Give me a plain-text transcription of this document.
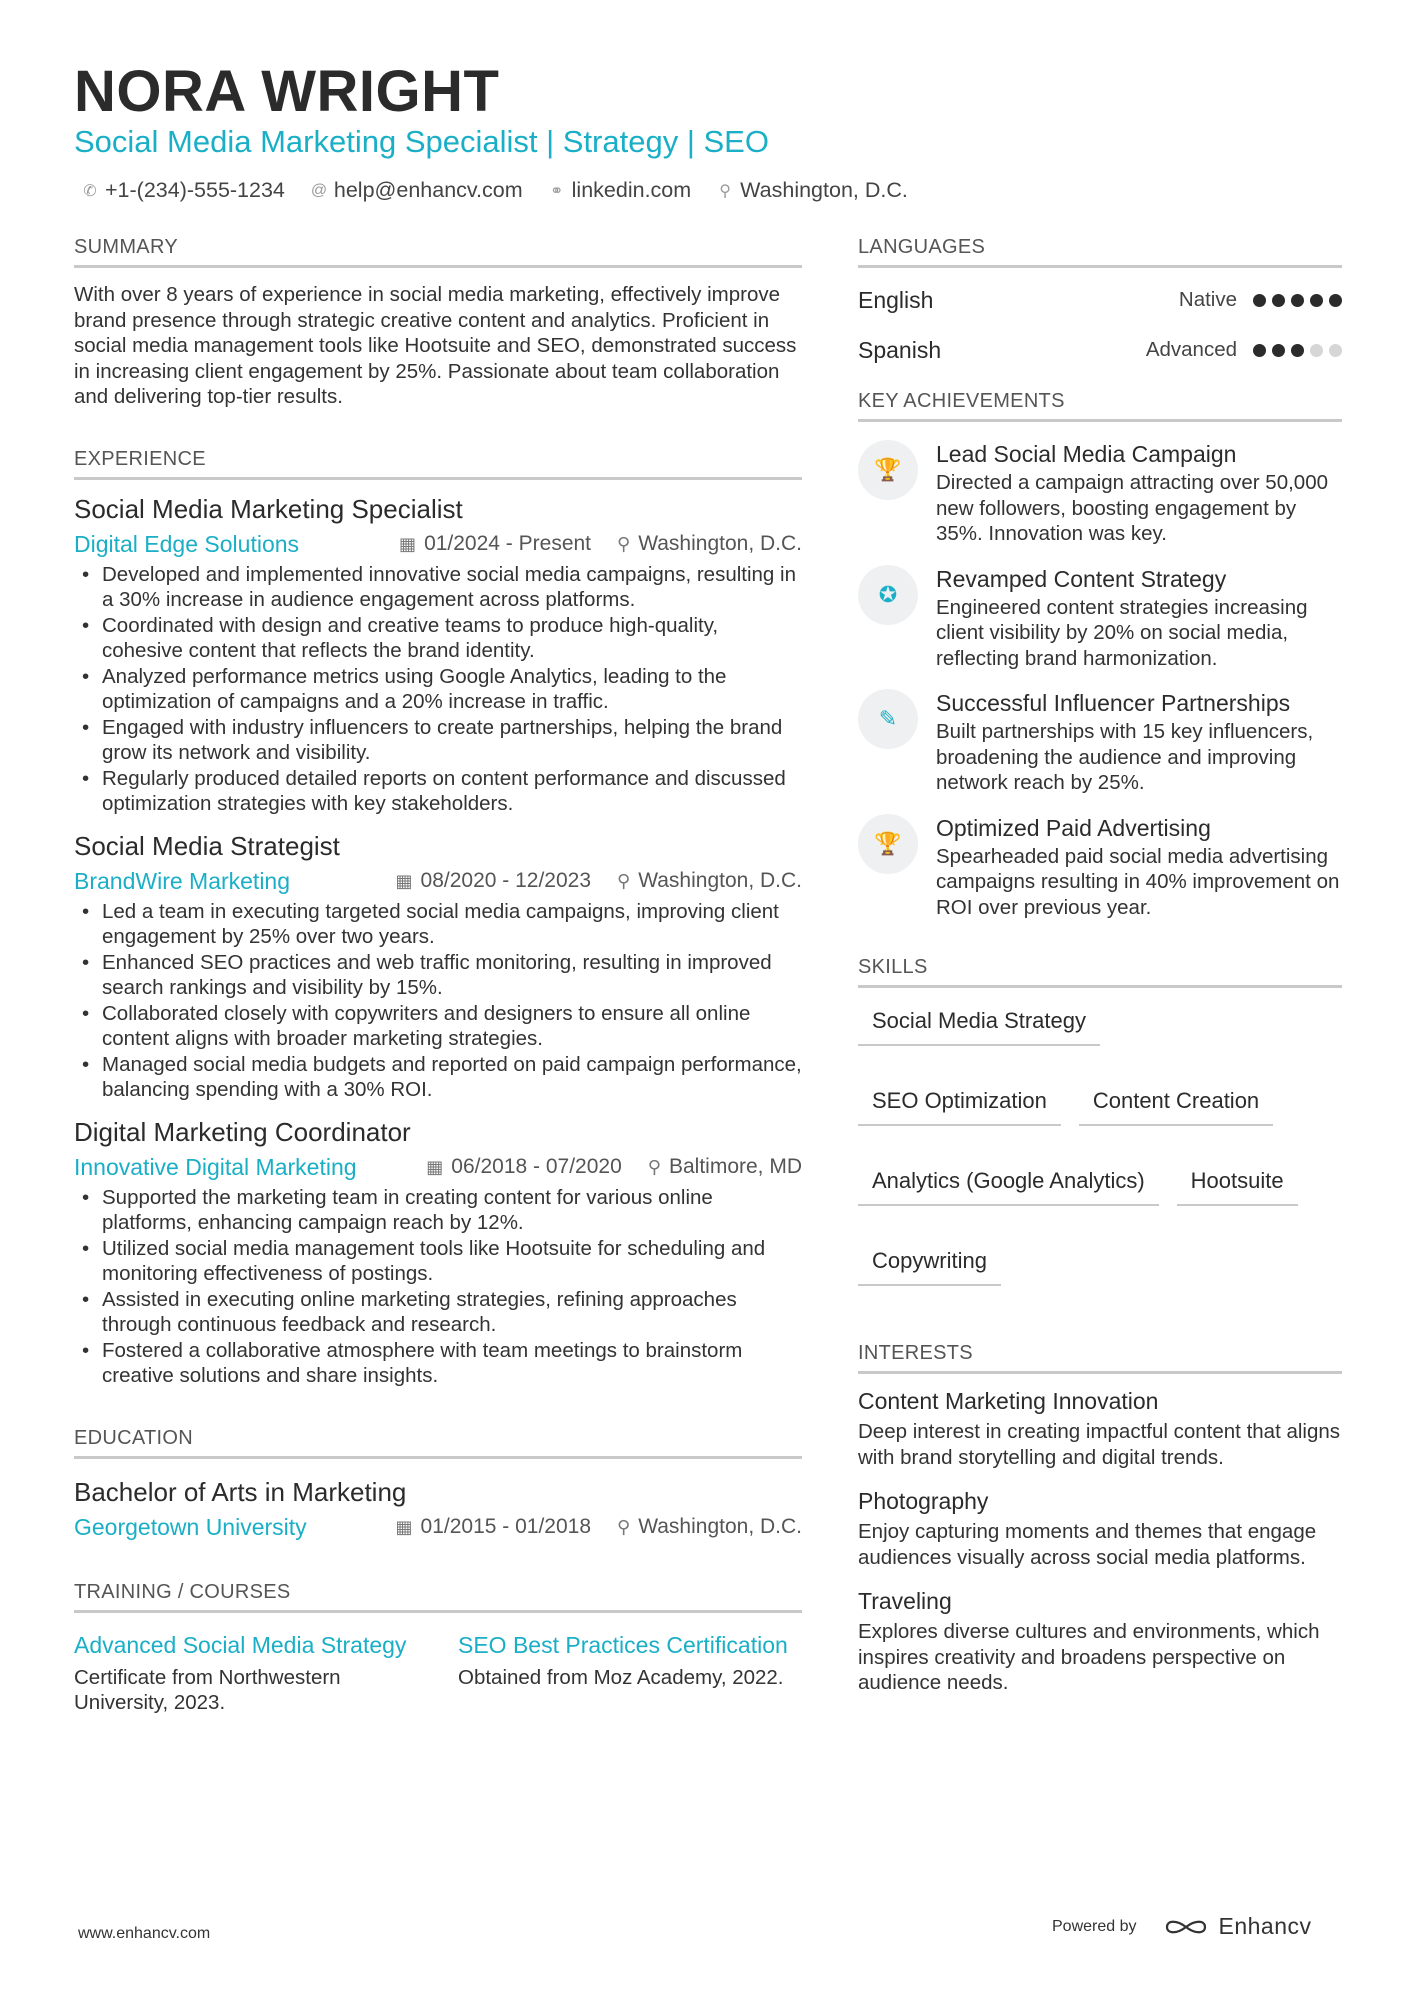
NORA WRIGHT
Social Media Marketing Specialist | Strategy | SEO
✆ +1-(234)-555-1234 @ help@enhancv.com ⚭ linkedin.com ⚲ Washington, D.C.
SUMMARY
With over 8 years of experience in social media marketing, effectively improve brand presence through strategic creative content and analytics. Proficient in social media management tools like Hootsuite and SEO, demonstrated success in increasing client engagement by 25%. Passionate about team collaboration and delivering top-tier results.
EXPERIENCE
Social Media Marketing Specialist
Digital Edge Solutions	▦ 01/2024 - Present ⚲ Washington, D.C.
• Developed and implemented innovative social media campaigns, resulting in a 30% increase in audience engagement across platforms.
• Coordinated with design and creative teams to produce high-quality, cohesive content that reflects the brand identity.
• Analyzed performance metrics using Google Analytics, leading to the optimization of campaigns and a 20% increase in traffic.
• Engaged with industry influencers to create partnerships, helping the brand grow its network and visibility.
• Regularly produced detailed reports on content performance and discussed optimization strategies with key stakeholders.
Social Media Strategist
BrandWire Marketing	▦ 08/2020 - 12/2023 ⚲ Washington, D.C.
• Led a team in executing targeted social media campaigns, improving client engagement by 25% over two years.
• Enhanced SEO practices and web traffic monitoring, resulting in improved search rankings and visibility by 15%.
• Collaborated closely with copywriters and designers to ensure all online content aligns with broader marketing strategies.
• Managed social media budgets and reported on paid campaign performance, balancing spending with a 30% ROI.
Digital Marketing Coordinator
Innovative Digital Marketing	▦ 06/2018 - 07/2020 ⚲ Baltimore, MD
• Supported the marketing team in creating content for various online platforms, enhancing campaign reach by 12%.
• Utilized social media management tools like Hootsuite for scheduling and monitoring effectiveness of postings.
• Assisted in executing online marketing strategies, refining approaches through continuous feedback and research.
• Fostered a collaborative atmosphere with team meetings to brainstorm creative solutions and share insights.
EDUCATION
Bachelor of Arts in Marketing
Georgetown University	▦ 01/2015 - 01/2018 ⚲ Washington, D.C.
TRAINING / COURSES
Advanced Social Media Strategy
Certificate from Northwestern University, 2023.
SEO Best Practices Certification
Obtained from Moz Academy, 2022.
LANGUAGES
English	Native
Spanish	Advanced
KEY ACHIEVEMENTS
🏆
Lead Social Media Campaign
Directed a campaign attracting over 50,000 new followers, boosting engagement by 35%. Innovation was key.
✪
Revamped Content Strategy
Engineered content strategies increasing client visibility by 20% on social media, reflecting brand harmonization.
✎
Successful Influencer Partnerships
Built partnerships with 15 key influencers, broadening the audience and improving network reach by 25%.
🏆
Optimized Paid Advertising
Spearheaded paid social media advertising campaigns resulting in 40% improvement on ROI over previous year.
SKILLS
Social Media Strategy
SEO Optimization	Content Creation
Analytics (Google Analytics)	Hootsuite
Copywriting
INTERESTS
Content Marketing Innovation
Deep interest in creating impactful content that aligns with brand storytelling and digital trends.
Photography
Enjoy capturing moments and themes that engage audiences visually across social media platforms.
Traveling
Explores diverse cultures and environments, which inspires creativity and broadens perspective on audience needs.
www.enhancv.com	Powered by	Enhancv
